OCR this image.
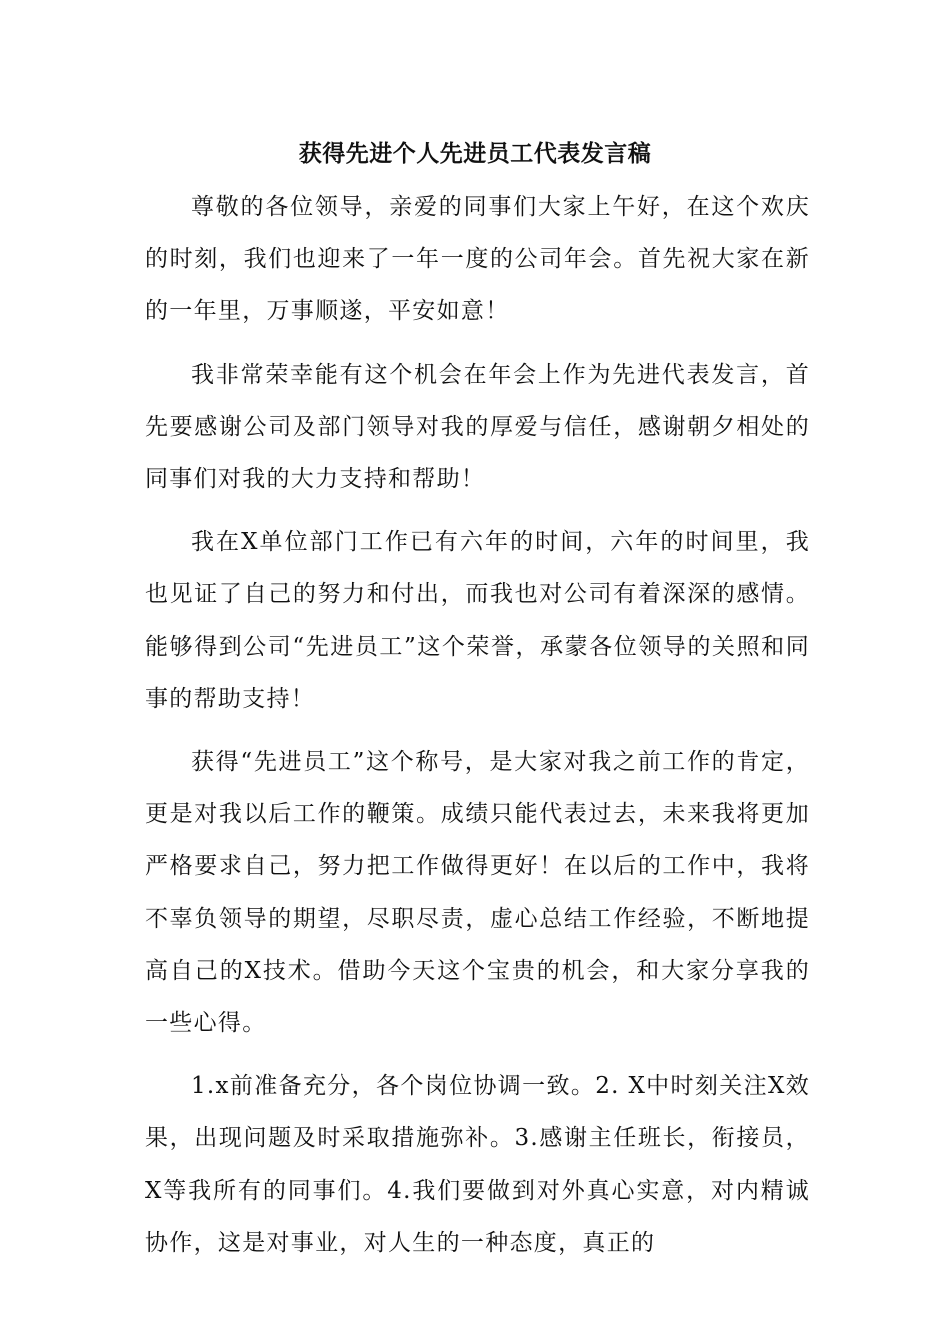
获得先进个人先进员工代表发言稿

尊敬的各位领导，亲爱的同事们大家上午好，在这个欢庆的时刻，我们也迎来了一年一度的公司年会。首先祝大家在新的一年里，万事顺遂，平安如意！

我非常荣幸能有这个机会在年会上作为先进代表发言，首先要感谢公司及部门领导对我的厚爱与信任，感谢朝夕相处的同事们对我的大力支持和帮助！

我在X单位部门工作已有六年的时间，六年的时间里，我也见证了自己的努力和付出，而我也对公司有着深深的感情。能够得到公司“先进员工”这个荣誉，承蒙各位领导的关照和同事的帮助支持！

获得“先进员工”这个称号，是大家对我之前工作的肯定，更是对我以后工作的鞭策。成绩只能代表过去，未来我将更加严格要求自己，努力把工作做得更好！在以后的工作中，我将不辜负领导的期望，尽职尽责，虚心总结工作经验，不断地提高自己的X技术。借助今天这个宝贵的机会，和大家分享我的一些心得。

1.x前准备充分，各个岗位协调一致。2. X中时刻关注X效果，出现问题及时采取措施弥补。3.感谢主任班长，衔接员，X等我所有的同事们。4.我们要做到对外真心实意，对内精诚协作，这是对事业，对人生的一种态度，真正的
